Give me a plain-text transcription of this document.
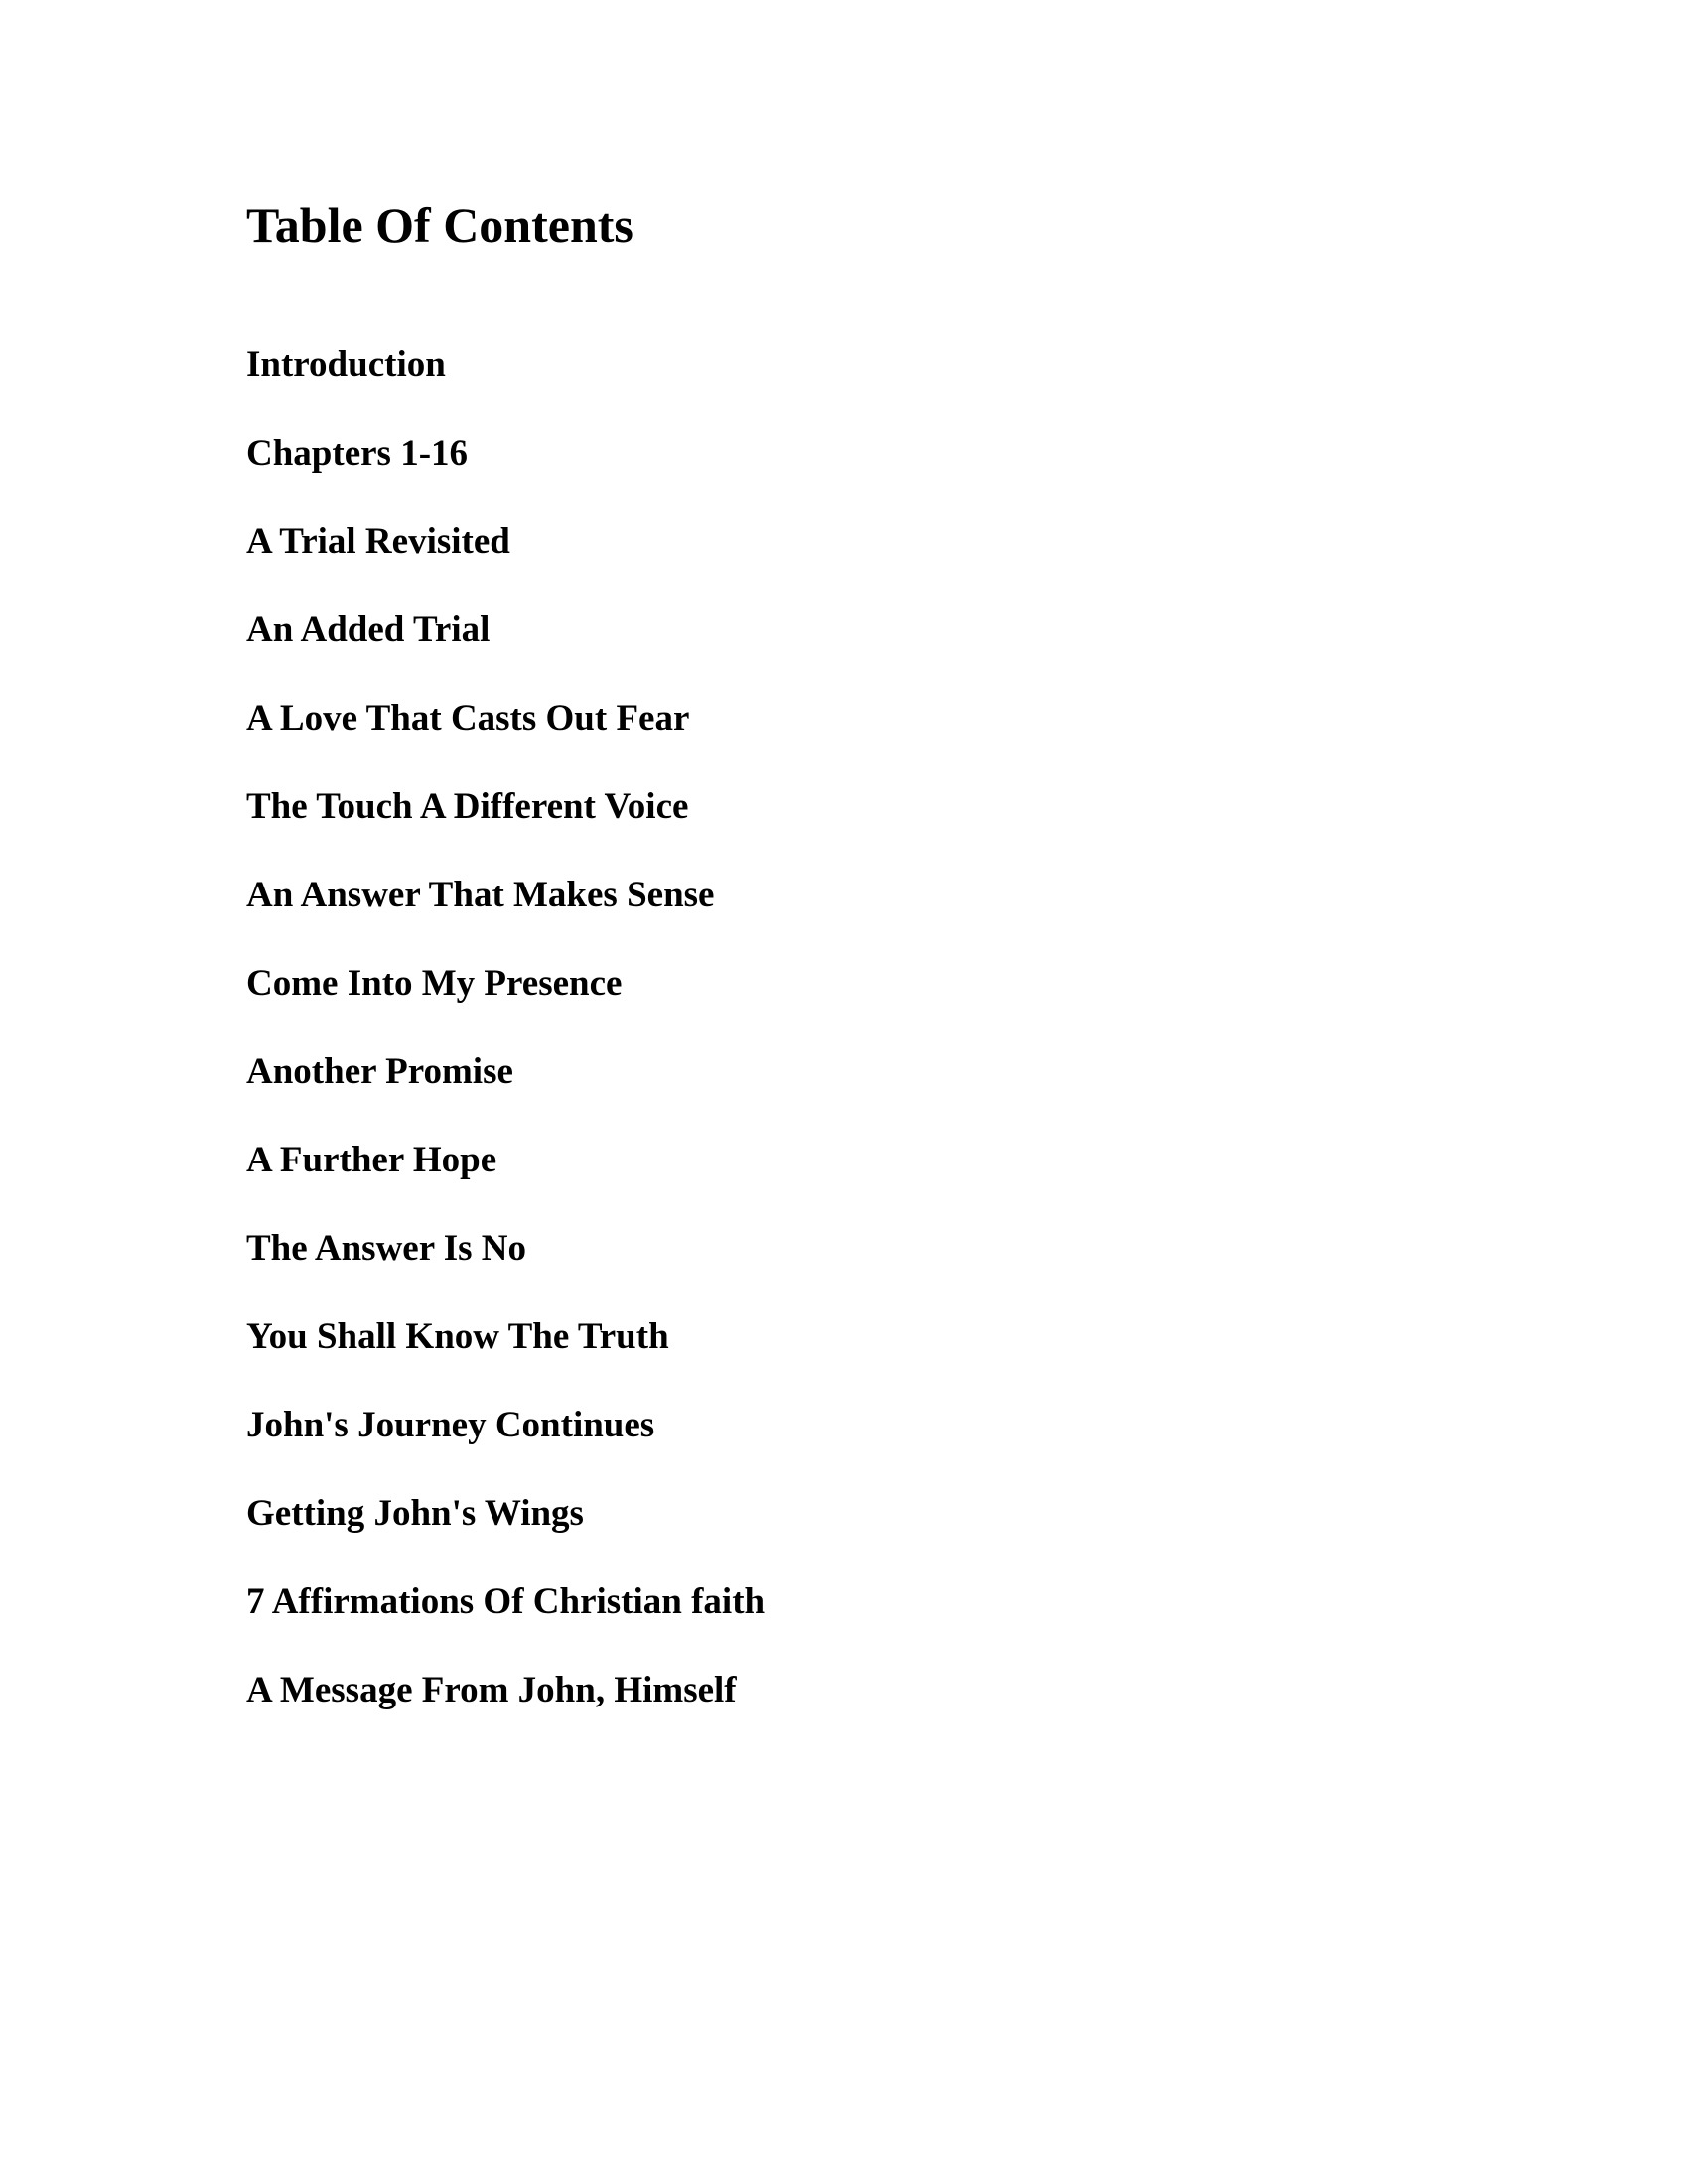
Table Of Contents
Introduction
Chapters 1-16
A Trial Revisited
An Added Trial
A Love That Casts Out Fear
The Touch A Different Voice
An Answer That Makes Sense
Come Into My Presence
Another Promise
A Further Hope
The Answer Is No
You Shall Know The Truth
John's Journey Continues
Getting John's Wings
7 Affirmations Of Christian faith
A Message From John, Himself
